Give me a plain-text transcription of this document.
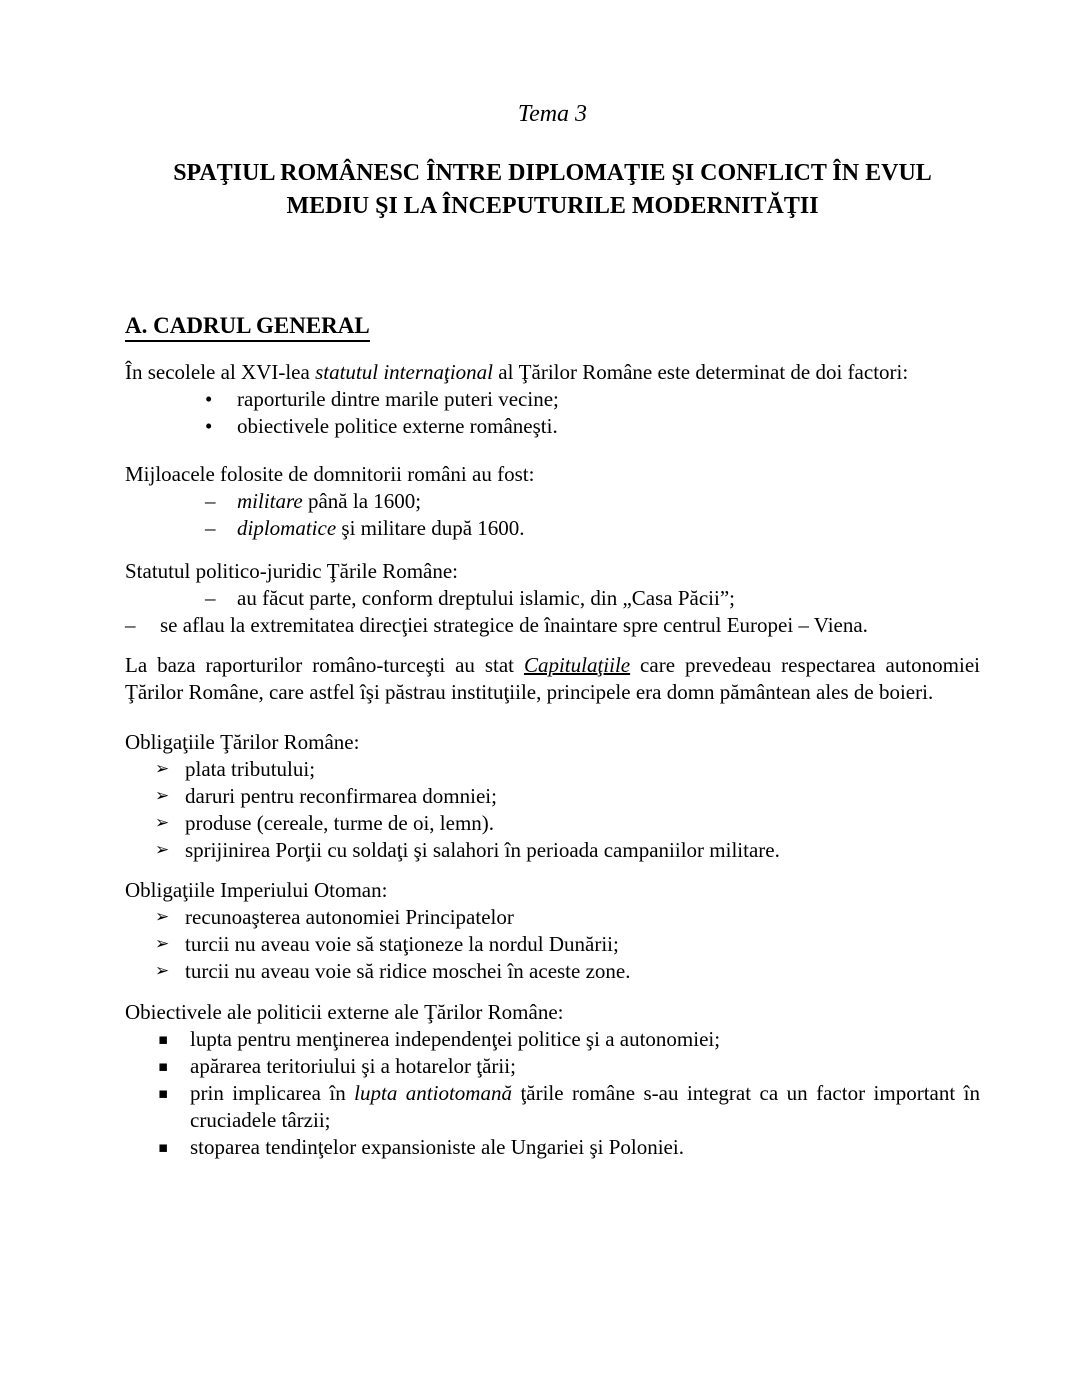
Tema 3
SPAŢIUL ROMÂNESC ÎNTRE DIPLOMAŢIE ŞI CONFLICT ÎN EVUL
MEDIU ŞI LA ÎNCEPUTURILE MODERNITĂŢII
A. CADRUL GENERAL
În secolele al XVI-lea statutul internaţional al Ţărilor Române este determinat de doi factori:
•	raporturile dintre marile puteri vecine;
•	obiectivele politice externe româneşti.
Mijloacele folosite de domnitorii români au fost:
–	militare până la 1600;
–	diplomatice şi militare după 1600.
Statutul politico-juridic Ţările Române:
–	au făcut parte, conform dreptului islamic, din „Casa Păcii”;
–	se aflau la extremitatea direcţiei strategice de înaintare spre centrul Europei – Viena.
La baza raporturilor româno-turceşti au stat Capitulaţiile care prevedeau respectarea autonomiei Ţărilor Române, care astfel îşi păstrau instituţiile, principele era domn pământean ales de boieri.
Obligaţiile Ţărilor Române:
➢ plata tributului;
➢ daruri pentru reconfirmarea domniei;
➢ produse (cereale, turme de oi, lemn).
➢ sprijinirea Porţii cu soldaţi şi salahori în perioada campaniilor militare.
Obligaţiile Imperiului Otoman:
➢ recunoaşterea autonomiei Principatelor
➢ turcii nu aveau voie să staţioneze la nordul Dunării;
➢ turcii nu aveau voie să ridice moschei în aceste zone.
Obiectivele ale politicii externe ale Ţărilor Române:
▪	lupta pentru menţinerea independenţei politice şi a autonomiei;
▪	apărarea teritoriului şi a hotarelor ţării;
▪	prin implicarea în lupta antiotomană ţările române s-au integrat ca un factor important în cruciadele târzii;
▪	stoparea tendinţelor expansioniste ale Ungariei şi Poloniei.
